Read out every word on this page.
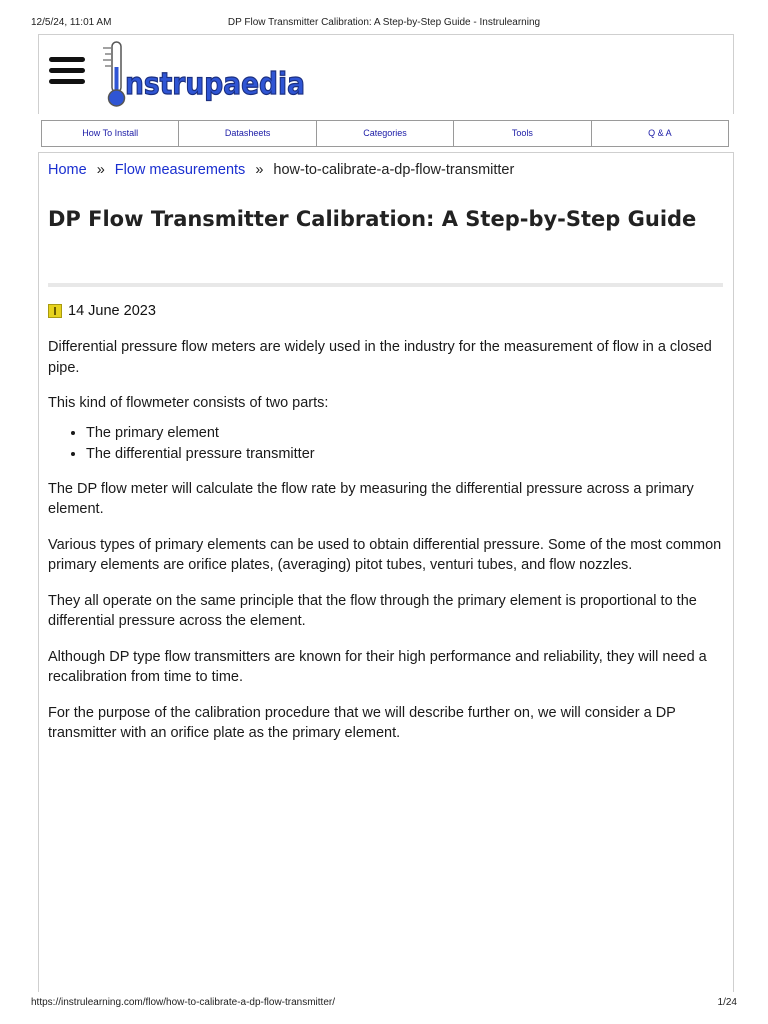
12/5/24, 11:01 AM	DP Flow Transmitter Calibration: A Step-by-Step Guide - Instrulearning
nstrupaedia
How To Install	Datasheets	Categories	Tools	Q & A
Home » Flow measurements » how-to-calibrate-a-dp-flow-transmitter
DP Flow Transmitter Calibration: A Step-by-Step Guide
14 June 2023

Differential pressure flow meters are widely used in the industry for the measurement of flow in a closed pipe.

This kind of flowmeter consists of two parts:

• The primary element
• The differential pressure transmitter

The DP flow meter will calculate the flow rate by measuring the differential pressure across a primary element.

Various types of primary elements can be used to obtain differential pressure. Some of the most common primary elements are orifice plates, (averaging) pitot tubes, venturi tubes, and flow nozzles.

They all operate on the same principle that the flow through the primary element is proportional to the differential pressure across the element.

Although DP type flow transmitters are known for their high performance and reliability, they will need a recalibration from time to time.

For the purpose of the calibration procedure that we will describe further on, we will consider a DP transmitter with an orifice plate as the primary element.

https://instrulearning.com/flow/how-to-calibrate-a-dp-flow-transmitter/	1/24
